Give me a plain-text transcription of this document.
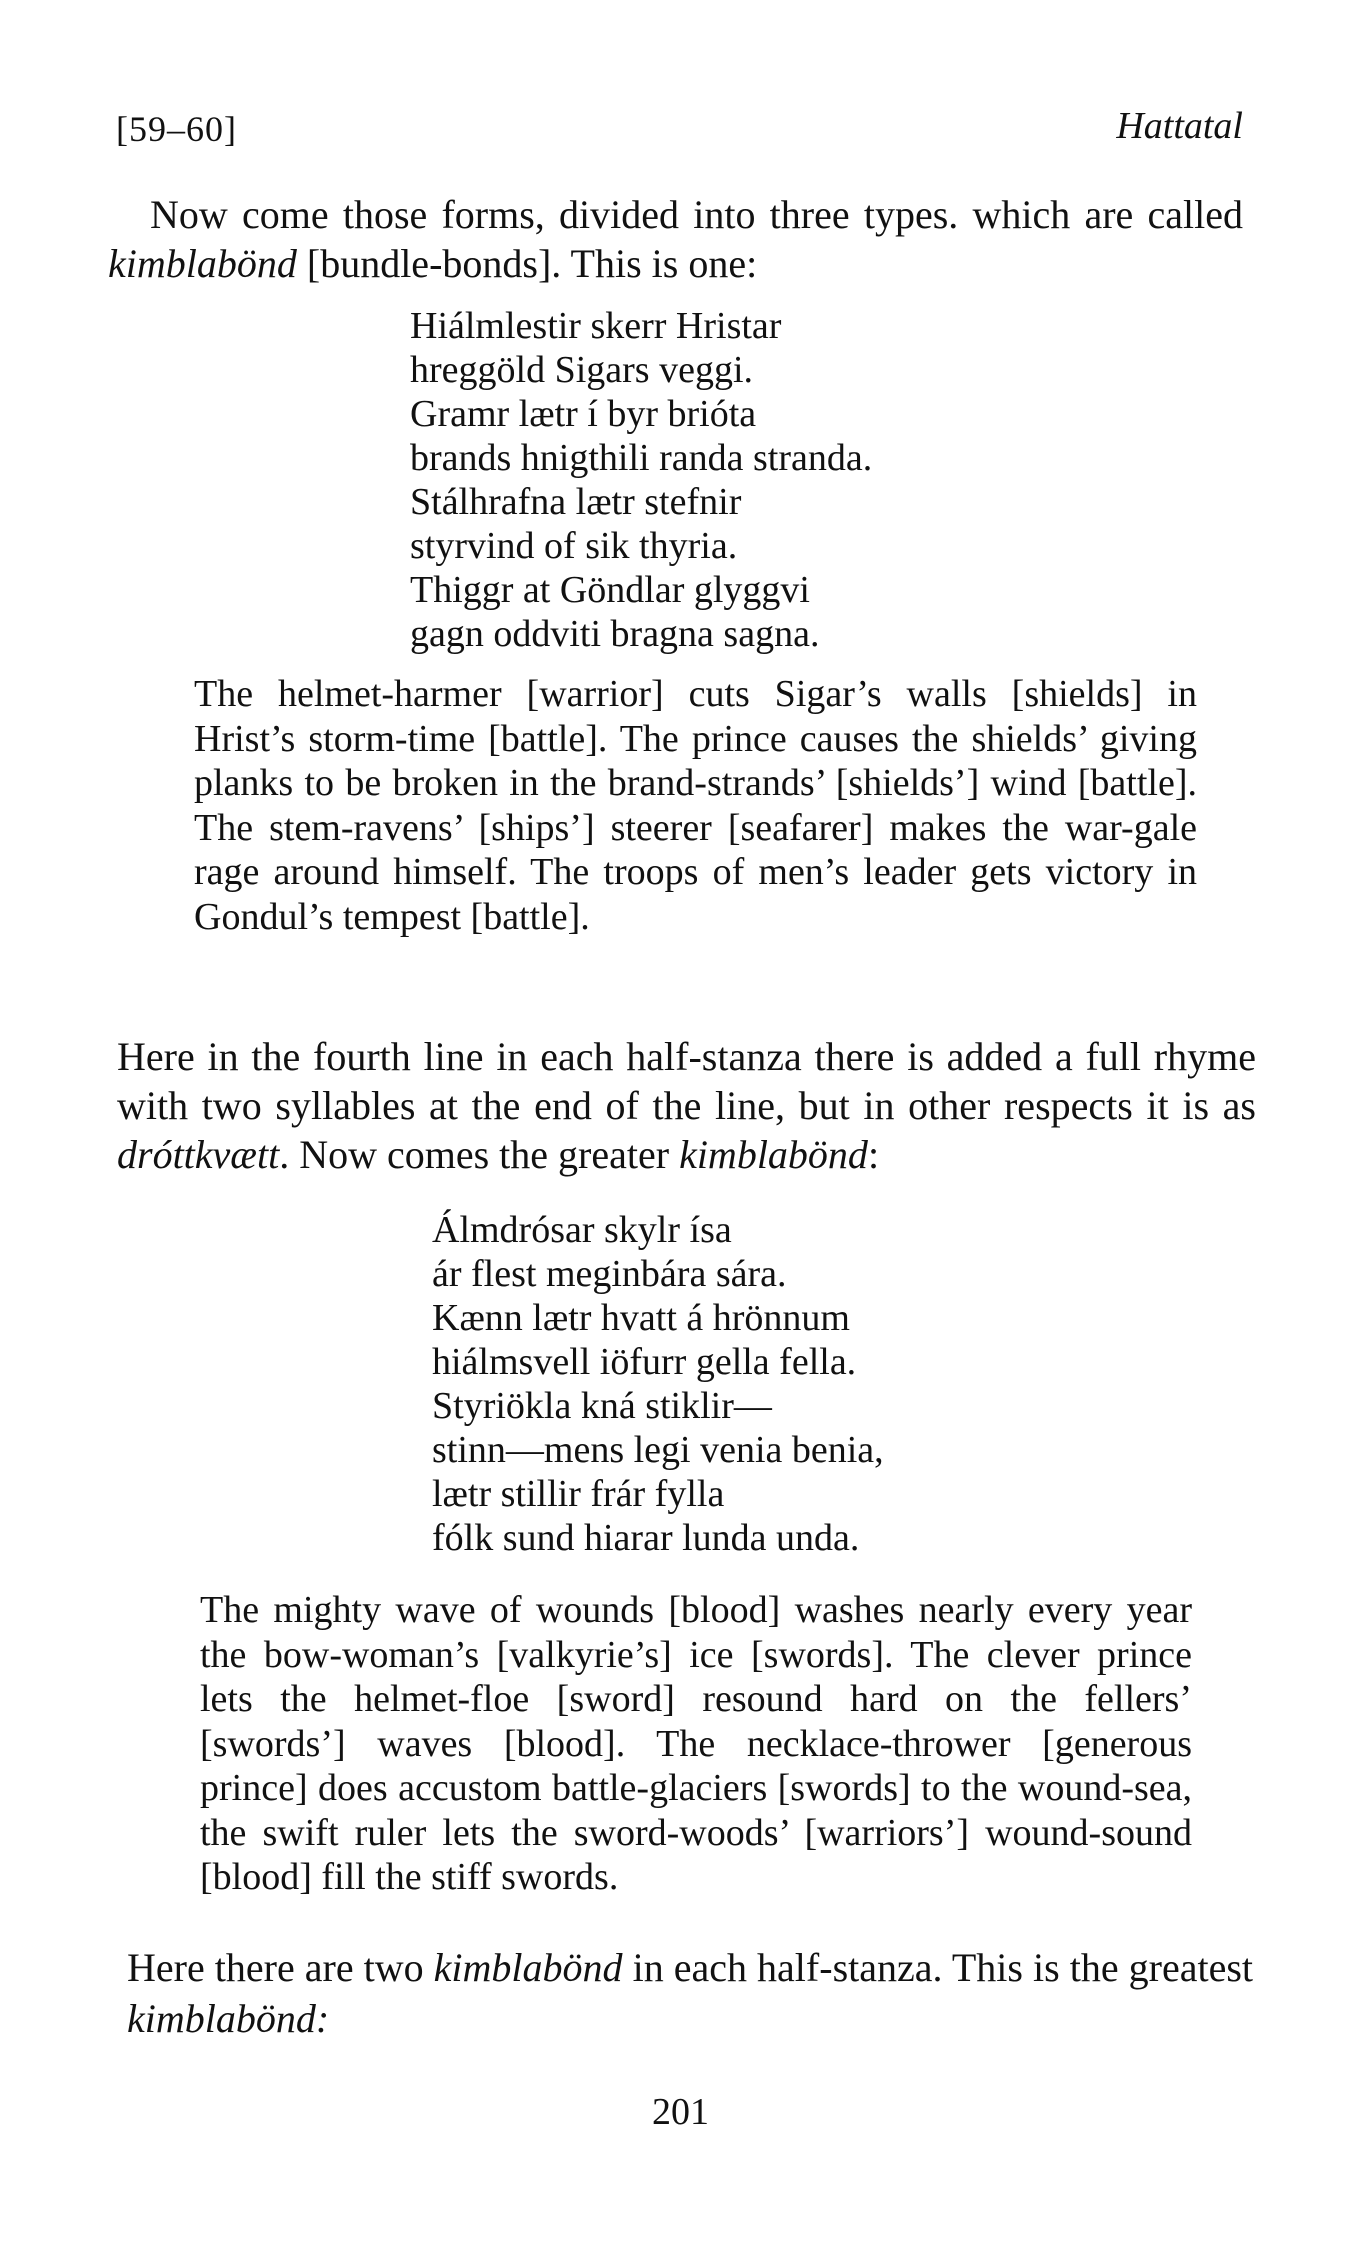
[59–60]	Hattatal

Now come those forms, divided into three types. which are called kimblabönd [bundle-bonds]. This is one:

Hiálmlestir skerr Hristar
hreggöld Sigars veggi.
Gramr lætr í byr brióta
brands hnigthili randa stranda.
Stálhrafna lætr stefnir
styrvind of sik thyria.
Thiggr at Göndlar glyggvi
gagn oddviti bragna sagna.

The helmet-harmer [warrior] cuts Sigar’s walls [shields] in Hrist’s storm-time [battle]. The prince causes the shields’ giving planks to be broken in the brand-strands’ [shields’] wind [battle]. The stem-ravens’ [ships’] steerer [seafarer] makes the war-gale rage around himself. The troops of men’s leader gets victory in Gondul’s tempest [battle].

Here in the fourth line in each half-stanza there is added a full rhyme with two syllables at the end of the line, but in other respects it is as dróttkvætt. Now comes the greater kimblabönd:

Álmdrósar skylr ísa
ár flest meginbára sára.
Kænn lætr hvatt á hrönnum
hiálmsvell iöfurr gella fella.
Styriökla kná stiklir—
stinn—mens legi venia benia,
lætr stillir frár fylla
fólk sund hiarar lunda unda.

The mighty wave of wounds [blood] washes nearly every year the bow-woman’s [valkyrie’s] ice [swords]. The clever prince lets the helmet-floe [sword] resound hard on the fellers’ [swords’] waves [blood]. The necklace-thrower [generous prince] does accustom battle-glaciers [swords] to the wound-sea, the swift ruler lets the sword-woods’ [warriors’] wound-sound [blood] fill the stiff swords.

Here there are two kimblabönd in each half-stanza. This is the greatest kimblabönd:

201
